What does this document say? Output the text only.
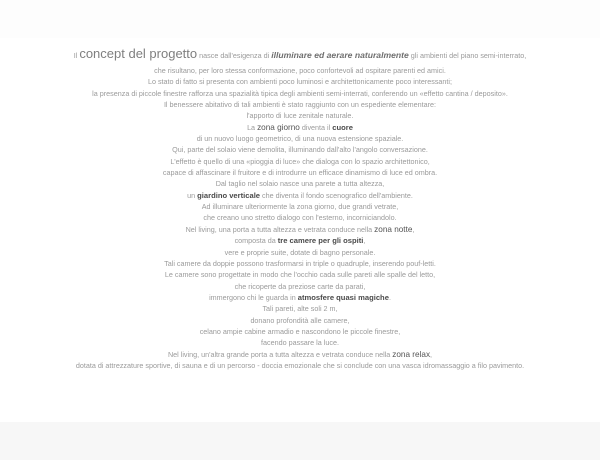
Il concept del progetto nasce dall'esigenza di illuminare ed aerare naturalmente gli ambienti del piano semi-interrato,
che risultano, per loro stessa conformazione, poco confortevoli ad ospitare parenti ed amici.
Lo stato di fatto si presenta con ambienti poco luminosi e architettonicamente poco interessanti;
la presenza di piccole finestre rafforza una spazialità tipica degli ambienti semi-interrati, conferendo un «effetto cantina / deposito».
Il benessere abitativo di tali ambienti è stato raggiunto con un espediente elementare:
l'apporto di luce zenitale naturale.
La zona giorno diventa il cuore
di un nuovo luogo geometrico, di una nuova estensione spaziale.
Qui, parte del solaio viene demolita, illuminando dall'alto l'angolo conversazione.
L'effetto è quello di una «pioggia di luce» che dialoga con lo spazio architettonico,
capace di affascinare il fruitore e di introdurre un efficace dinamismo di luce ed ombra.
Dal taglio nel solaio nasce una parete a tutta altezza,
un giardino verticale che diventa il fondo scenografico dell'ambiente.
Ad illuminare ulteriormente la zona giorno, due grandi vetrate,
che creano uno stretto dialogo con l'esterno, incorniciandolo.
Nel living, una porta a tutta altezza e vetrata conduce nella zona notte,
composta da tre camere per gli ospiti,
vere e proprie suite, dotate di bagno personale.
Tali camere da doppie possono trasformarsi in triple o quadruple, inserendo pouf-letti.
Le camere sono progettate in modo che l'occhio cada sulle pareti alle spalle del letto,
che ricoperte da preziose carte da parati,
immergono chi le guarda in atmosfere quasi magiche.
Tali pareti, alte soli 2 m,
donano profondità alle camere,
celano ampie cabine armadio e nascondono le piccole finestre,
facendo passare la luce.
Nel living, un'altra grande porta a tutta altezza e vetrata conduce nella zona relax,
dotata di attrezzature sportive, di sauna e di un percorso - doccia emozionale che si conclude con una vasca idromassaggio a filo pavimento.
